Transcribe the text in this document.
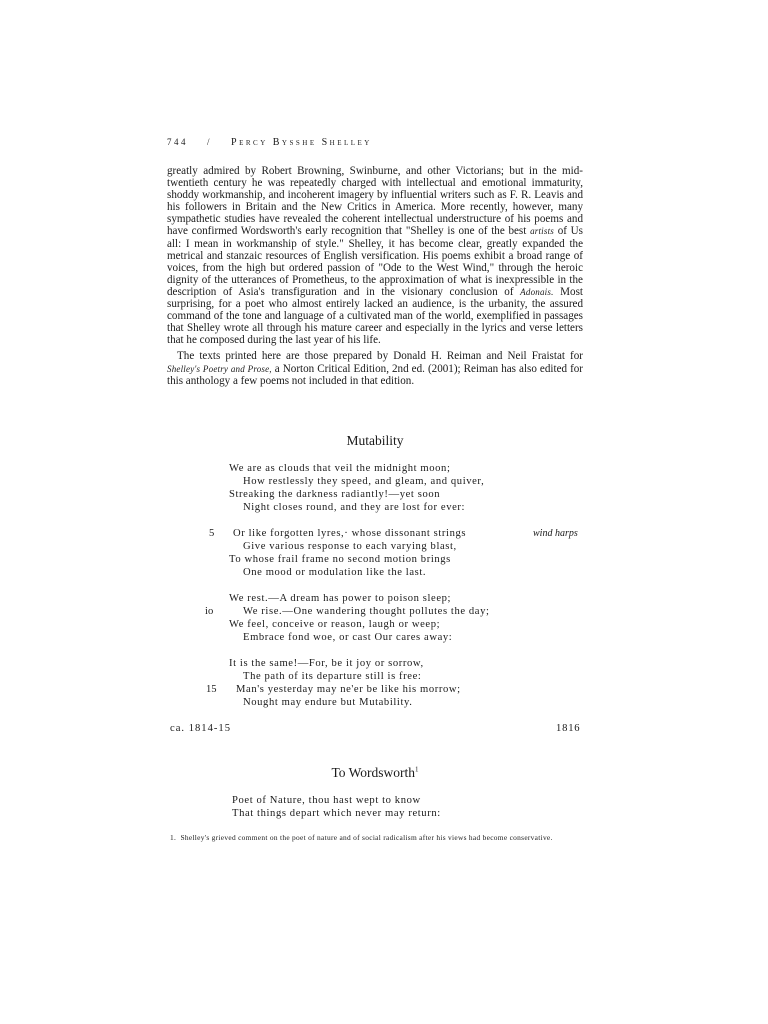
744 / Percy Bysshe Shelley

greatly admired by Robert Browning, Swinburne, and other Victorians; but in the mid-twentieth century he was repeatedly charged with intellectual and emotional immaturity, shoddy workmanship, and incoherent imagery by influential writers such as F. R. Leavis and his followers in Britain and the New Critics in America. More recently, however, many sympathetic studies have revealed the coherent intellectual understructure of his poems and have confirmed Wordsworth's early recognition that "Shelley is one of the best artists of Us all: I mean in workmanship of style." Shelley, it has become clear, greatly expanded the metrical and stanzaic resources of English versification. His poems exhibit a broad range of voices, from the high but ordered passion of "Ode to the West Wind," through the heroic dignity of the utterances of Prometheus, to the approximation of what is inexpressible in the description of Asia's transfiguration and in the visionary conclusion of Adonais. Most surprising, for a poet who almost entirely lacked an audience, is the urbanity, the assured command of the tone and language of a cultivated man of the world, exemplified in passages that Shelley wrote all through his mature career and especially in the lyrics and verse letters that he composed during the last year of his life.

The texts printed here are those prepared by Donald H. Reiman and Neil Fraistat for Shelley's Poetry and Prose, a Norton Critical Edition, 2nd ed. (2001); Reiman has also edited for this anthology a few poems not included in that edition.

Mutability
We are as clouds that veil the midnight moon;
How restlessly they speed, and gleam, and quiver,
Streaking the darkness radiantly!—yet soon
Night closes round, and they are lost for ever:
5 Or like forgotten lyres,· whose dissonant strings	wind harps
Give various response to each varying blast,
To whose frail frame no second motion brings
One mood or modulation like the last.
We rest.—A dream has power to poison sleep;
io	We rise.—One wandering thought pollutes the day;
We feel, conceive or reason, laugh or weep;
Embrace fond woe, or cast Our cares away:
It is the same!—For, be it joy or sorrow,
The path of its departure still is free:
15 Man's yesterday may ne'er be like his morrow;
Nought may endure but Mutability.
ca. 1814-15	1816
To Wordsworth$^1$
Poet of Nature, thou hast wept to know
That things depart which never may return:
1. Shelley's grieved comment on the poet of nature and of social radicalism after his views had become conservative.
